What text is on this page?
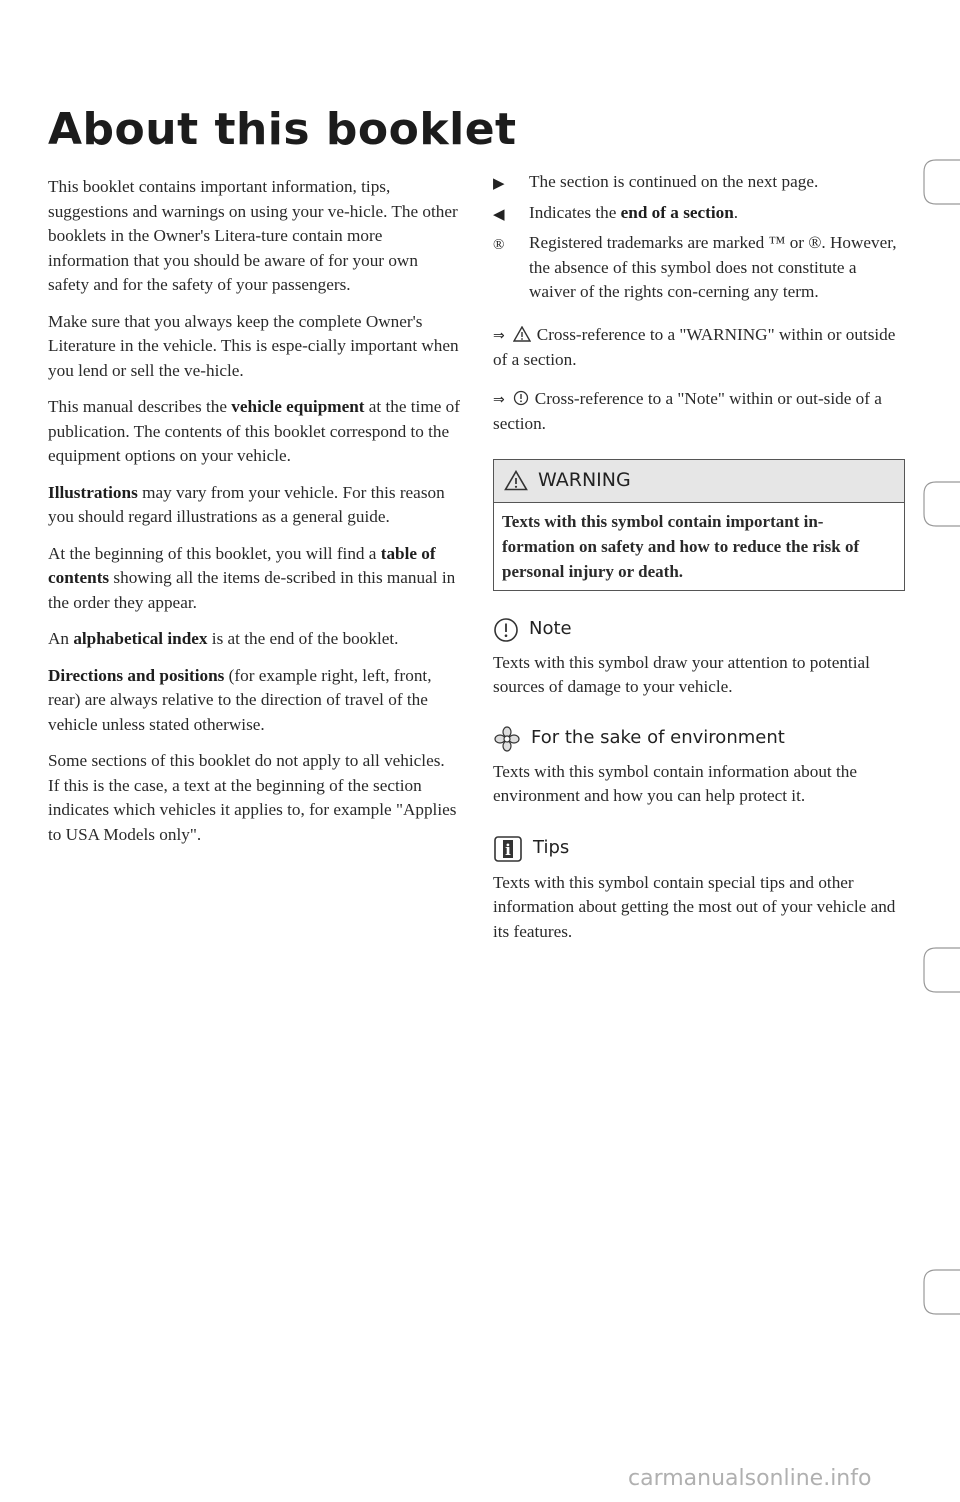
About this booklet

This booklet contains important information, tips, suggestions and warnings on using your ve-hicle. The other booklets in the Owner's Litera-ture contain more information that you should be aware of for your own safety and for the safety of your passengers.

Make sure that you always keep the complete Owner's Literature in the vehicle. This is espe-cially important when you lend or sell the ve-hicle.

This manual describes the vehicle equipment at the time of publication. The contents of this booklet correspond to the equipment options on your vehicle.

Illustrations may vary from your vehicle. For this reason you should regard illustrations as a general guide.

At the beginning of this booklet, you will find a table of contents showing all the items de-scribed in this manual in the order they appear.

An alphabetical index is at the end of the booklet.

Directions and positions (for example right, left, front, rear) are always relative to the direction of travel of the vehicle unless stated otherwise.

Some sections of this booklet do not apply to all vehicles. If this is the case, a text at the beginning of the section indicates which vehicles it applies to, for example "Applies to USA Models only".

▶	The section is continued on the next page.
◀	Indicates the end of a section.
®	Registered trademarks are marked ™ or ®. However, the absence of this symbol does not constitute a waiver of the rights con-cerning any term.

⇒ Cross-reference to a "WARNING" within or outside of a section.

⇒ Cross-reference to a "Note" within or out-side of a section.

WARNING
Texts with this symbol contain important in-formation on safety and how to reduce the risk of personal injury or death.
Note

Texts with this symbol draw your attention to potential sources of damage to your vehicle.

For the sake of environment

Texts with this symbol contain information about the environment and how you can help protect it.

i Tips

Texts with this symbol contain special tips and other information about getting the most out of your vehicle and its features.

carmanualsonline.info
